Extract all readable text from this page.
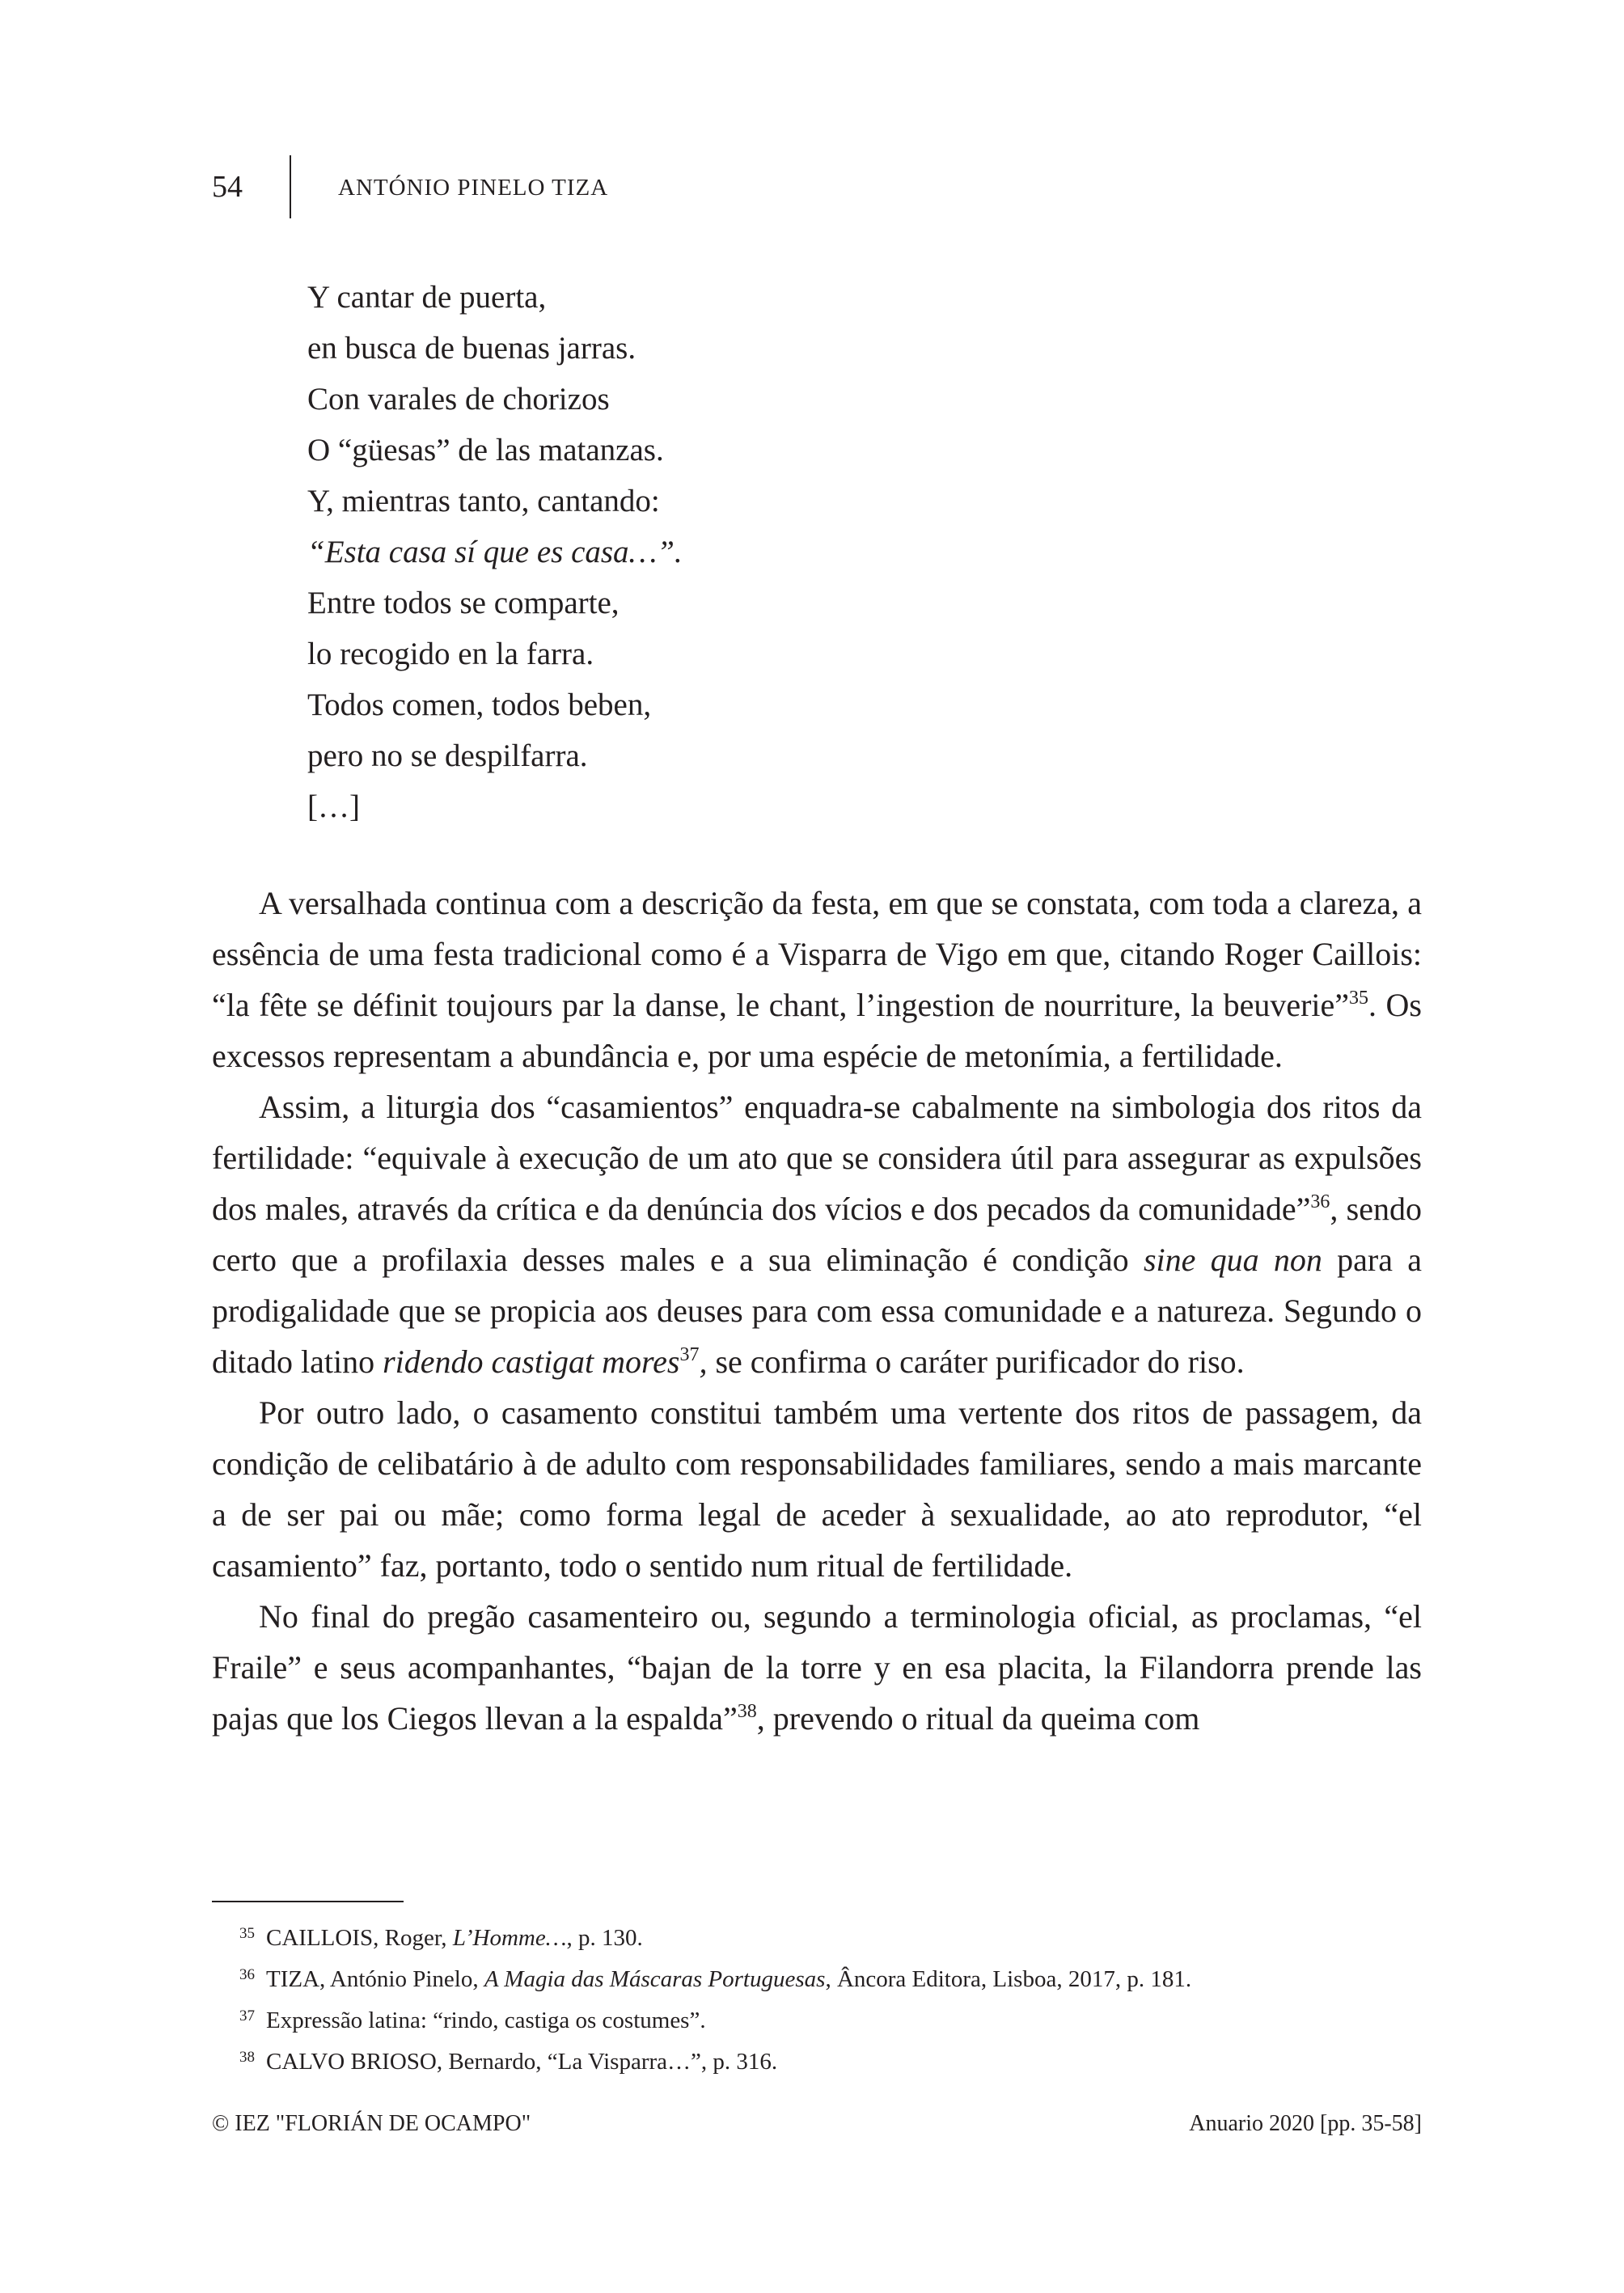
54	ANTÓNIO PINELO TIZA
Y cantar de puerta,
en busca de buenas jarras.
Con varales de chorizos
O “güesas” de las matanzas.
Y, mientras tanto, cantando:
“Esta casa sí que es casa…”.
Entre todos se comparte,
lo recogido en la farra.
Todos comen, todos beben,
pero no se despilfarra.
[…]

A versalhada continua com a descrição da festa, em que se constata, com toda a clareza, a essência de uma festa tradicional como é a Visparra de Vigo em que, citando Roger Caillois: “la fête se définit toujours par la danse, le chant, l’ingestion de nourriture, la beuverie”$^{35}$. Os excessos representam a abundância e, por uma espécie de metonímia, a fertilidade.

Assim, a liturgia dos “casamientos” enquadra-se cabalmente na simbologia dos ritos da fertilidade: “equivale à execução de um ato que se considera útil para assegurar as expulsões dos males, através da crítica e da denúncia dos vícios e dos pecados da comunidade”$^{36}$, sendo certo que a profilaxia desses males e a sua eliminação é condição sine qua non para a prodigalidade que se propicia aos deuses para com essa comunidade e a natureza. Segundo o ditado latino ridendo castigat mores$^{37}$, se confirma o caráter purificador do riso.

Por outro lado, o casamento constitui também uma vertente dos ritos de passagem, da condição de celibatário à de adulto com responsabilidades familiares, sendo a mais marcante a de ser pai ou mãe; como forma legal de aceder à sexualidade, ao ato reprodutor, “el casamiento” faz, portanto, todo o sentido num ritual de fertilidade.

No final do pregão casamenteiro ou, segundo a terminologia oficial, as proclamas, “el Fraile” e seus acompanhantes, “bajan de la torre y en esa placita, la Filandorra prende las pajas que los Ciegos llevan a la espalda”$^{38}$, prevendo o ritual da queima com

$^{35}$ CAILLOIS, Roger, L’Homme…, p. 130.
$^{36}$ TIZA, António Pinelo, A Magia das Máscaras Portuguesas, Âncora Editora, Lisboa, 2017, p. 181.
$^{37}$ Expressão latina: “rindo, castiga os costumes”.
$^{38}$ CALVO BRIOSO, Bernardo, “La Visparra…”, p. 316.
© IEZ "FLORIÁN DE OCAMPO"	Anuario 2020 [pp. 35-58]
